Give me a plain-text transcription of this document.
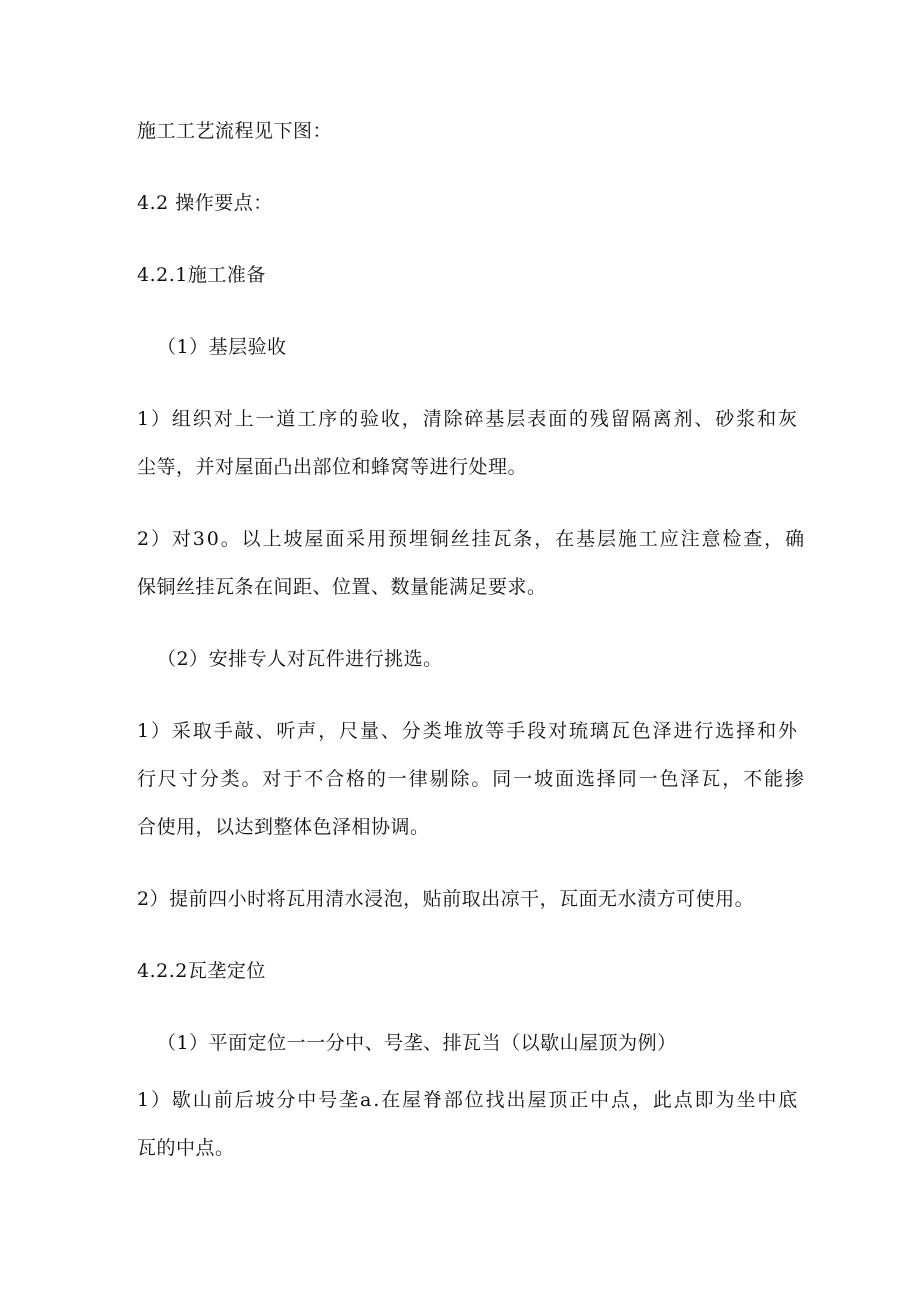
施工工艺流程见下图：
4.2 操作要点：
4.2.1施工准备
（1）基层验收
1）组织对上一道工序的验收，清除碎基层表面的残留隔离剂、砂浆和灰
尘等，并对屋面凸出部位和蜂窝等进行处理。
2）对30。以上坡屋面采用预埋铜丝挂瓦条，在基层施工应注意检查，确
保铜丝挂瓦条在间距、位置、数量能满足要求。
（2）安排专人对瓦件进行挑选。
1）采取手敲、听声，尺量、分类堆放等手段对琉璃瓦色泽进行选择和外
行尺寸分类。对于不合格的一律剔除。同一坡面选择同一色泽瓦，不能掺
合使用，以达到整体色泽相协调。
2）提前四小时将瓦用清水浸泡，贴前取出凉干，瓦面无水渍方可使用。
4.2.2瓦垄定位
（1）平面定位一一分中、号垄、排瓦当（以歇山屋顶为例）
1）歇山前后坡分中号垄a.在屋脊部位找出屋顶正中点，此点即为坐中底
瓦的中点。
